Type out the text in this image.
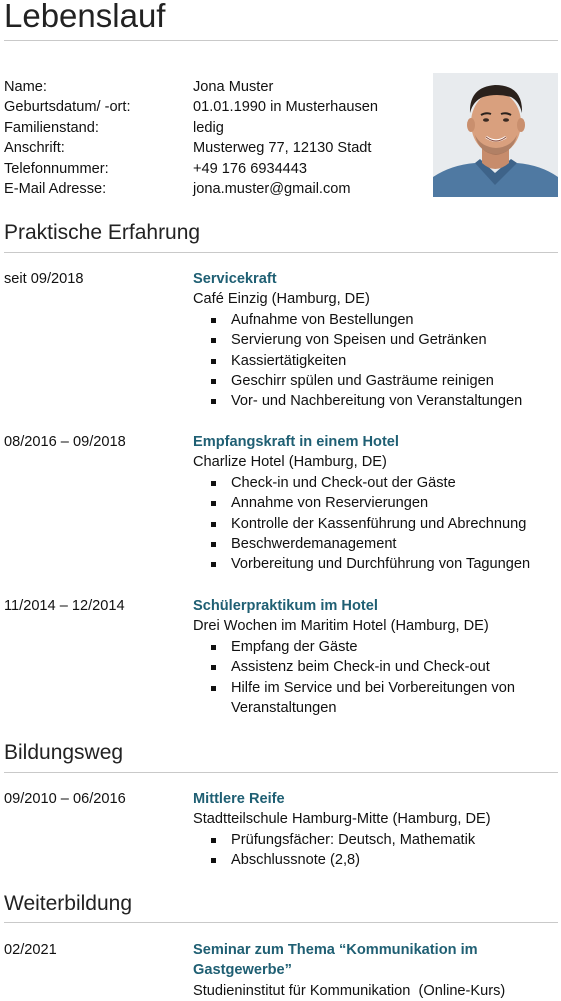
Lebenslauf
Name:	Jona Muster
Geburtsdatum/ -ort:	01.01.1990 in Musterhausen
Familienstand:	ledig
Anschrift:	Musterweg 77, 12130 Stadt
Telefonnummer:	+49 176 6934443
E-Mail Adresse:	jona.muster@gmail.com
Praktische Erfahrung
seit 09/2018	Servicekraft
Café Einzig (Hamburg, DE)
Aufnahme von Bestellungen
Servierung von Speisen und Getränken
Kassiertätigkeiten
Geschirr spülen und Gasträume reinigen
Vor- und Nachbereitung von Veranstaltungen
08/2016 – 09/2018	Empfangskraft in einem Hotel
Charlize Hotel (Hamburg, DE)
Check-in und Check-out der Gäste
Annahme von Reservierungen
Kontrolle der Kassenführung und Abrechnung
Beschwerdemanagement
Vorbereitung und Durchführung von Tagungen
11/2014 – 12/2014	Schülerpraktikum im Hotel
Drei Wochen im Maritim Hotel (Hamburg, DE)
Empfang der Gäste
Assistenz beim Check-in und Check-out
Hilfe im Service und bei Vorbereitungen von Veranstaltungen
Bildungsweg
09/2010 – 06/2016	Mittlere Reife
Stadtteilschule Hamburg-Mitte (Hamburg, DE)
Prüfungsfächer: Deutsch, Mathematik
Abschlussnote (2,8)
Weiterbildung
02/2021	Seminar zum Thema “Kommunikation im Gastgewerbe”
Studieninstitut für Kommunikation  (Online-Kurs)
